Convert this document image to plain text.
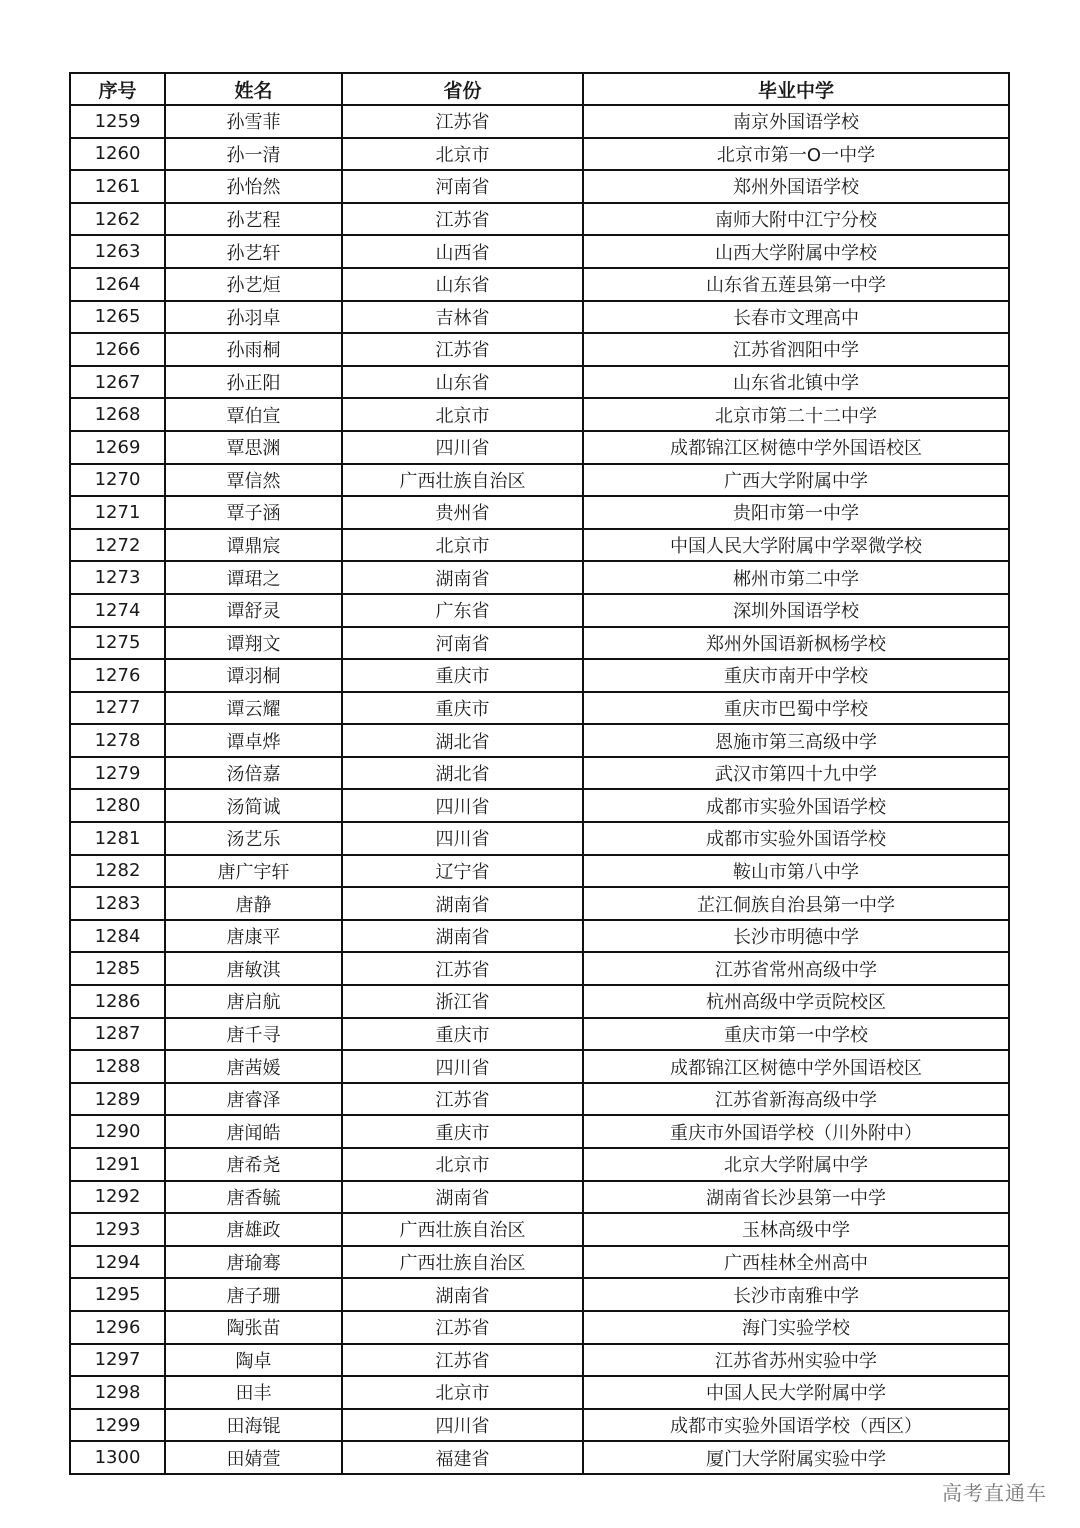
序号	姓名	省份	毕业中学
1259	孙雪菲	江苏省	南京外国语学校
1260	孙一清	北京市	北京市第一O一中学
1261	孙怡然	河南省	郑州外国语学校
1262	孙艺程	江苏省	南师大附中江宁分校
1263	孙艺轩	山西省	山西大学附属中学校
1264	孙艺烜	山东省	山东省五莲县第一中学
1265	孙羽卓	吉林省	长春市文理高中
1266	孙雨桐	江苏省	江苏省泗阳中学
1267	孙正阳	山东省	山东省北镇中学
1268	覃伯宣	北京市	北京市第二十二中学
1269	覃思渊	四川省	成都锦江区树德中学外国语校区
1270	覃信然	广西壮族自治区	广西大学附属中学
1271	覃子涵	贵州省	贵阳市第一中学
1272	谭鼎宸	北京市	中国人民大学附属中学翠微学校
1273	谭珺之	湖南省	郴州市第二中学
1274	谭舒灵	广东省	深圳外国语学校
1275	谭翔文	河南省	郑州外国语新枫杨学校
1276	谭羽桐	重庆市	重庆市南开中学校
1277	谭云耀	重庆市	重庆市巴蜀中学校
1278	谭卓烨	湖北省	恩施市第三高级中学
1279	汤倍嘉	湖北省	武汉市第四十九中学
1280	汤简诚	四川省	成都市实验外国语学校
1281	汤艺乐	四川省	成都市实验外国语学校
1282	唐广宇轩	辽宁省	鞍山市第八中学
1283	唐静	湖南省	芷江侗族自治县第一中学
1284	唐康平	湖南省	长沙市明德中学
1285	唐敏淇	江苏省	江苏省常州高级中学
1286	唐启航	浙江省	杭州高级中学贡院校区
1287	唐千寻	重庆市	重庆市第一中学校
1288	唐茜媛	四川省	成都锦江区树德中学外国语校区
1289	唐睿泽	江苏省	江苏省新海高级中学
1290	唐闻皓	重庆市	重庆市外国语学校（川外附中）
1291	唐希尧	北京市	北京大学附属中学
1292	唐香毓	湖南省	湖南省长沙县第一中学
1293	唐雄政	广西壮族自治区	玉林高级中学
1294	唐瑜骞	广西壮族自治区	广西桂林全州高中
1295	唐子珊	湖南省	长沙市南雅中学
1296	陶张苗	江苏省	海门实验学校
1297	陶卓	江苏省	江苏省苏州实验中学
1298	田丰	北京市	中国人民大学附属中学
1299	田海锟	四川省	成都市实验外国语学校（西区）
1300	田婧萱	福建省	厦门大学附属实验中学
高考直通车
